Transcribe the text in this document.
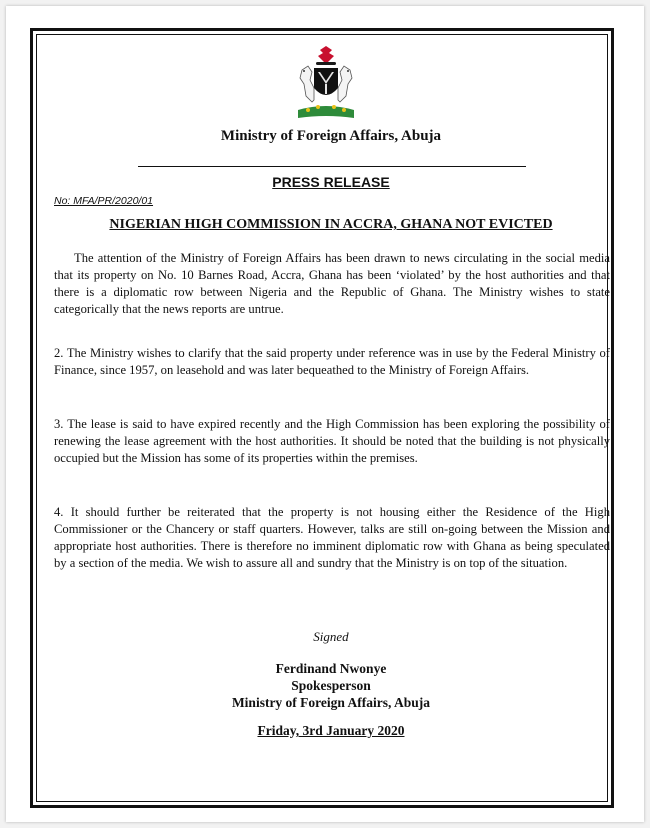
Ministry of Foreign Affairs, Abuja
PRESS RELEASE
No: MFA/PR/2020/01
NIGERIAN HIGH COMMISSION IN ACCRA, GHANA NOT EVICTED

The attention of the Ministry of Foreign Affairs has been drawn to news circulating in the social media that its property on No. 10 Barnes Road, Accra, Ghana has been ‘violated’ by the host authorities and that there is a diplomatic row between Nigeria and the Republic of Ghana. The Ministry wishes to state categorically that the news reports are untrue.

2. The Ministry wishes to clarify that the said property under reference was in use by the Federal Ministry of Finance, since 1957, on leasehold and was later bequeathed to the Ministry of Foreign Affairs.

3. The lease is said to have expired recently and the High Commission has been exploring the possibility of renewing the lease agreement with the host authorities. It should be noted that the building is not physically occupied but the Mission has some of its properties within the premises.

4. It should further be reiterated that the property is not housing either the Residence of the High Commissioner or the Chancery or staff quarters. However, talks are still on-going between the Mission and appropriate host authorities. There is therefore no imminent diplomatic row with Ghana as being speculated by a section of the media. We wish to assure all and sundry that the Ministry is on top of the situation.

Signed
Ferdinand Nwonye
Spokesperson
Ministry of Foreign Affairs, Abuja
Friday, 3rd January 2020
